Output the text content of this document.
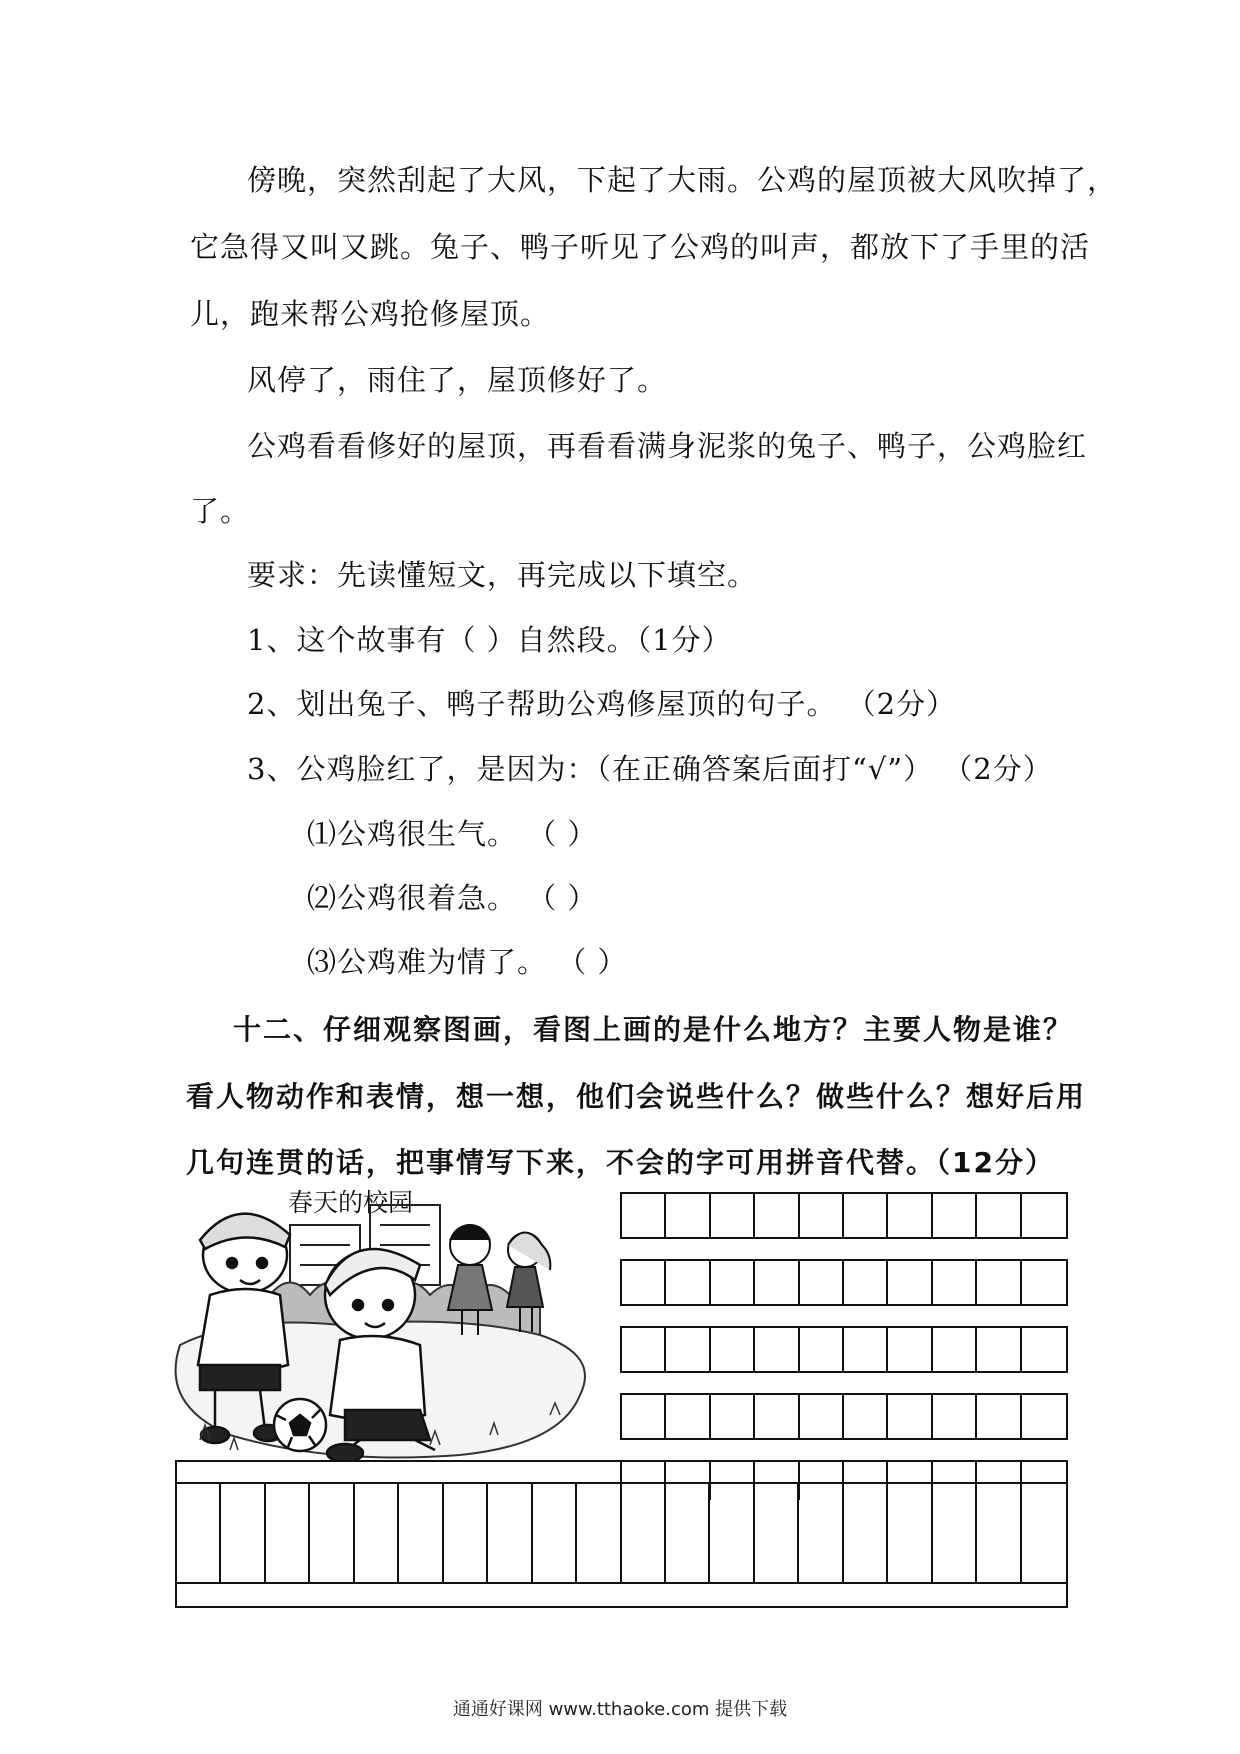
傍晚，突然刮起了大风，下起了大雨。公鸡的屋顶被大风吹掉了，
它急得又叫又跳。兔子、鸭子听见了公鸡的叫声，都放下了手里的活
儿，跑来帮公鸡抢修屋顶。
风停了，雨住了，屋顶修好了。
公鸡看看修好的屋顶，再看看满身泥浆的兔子、鸭子，公鸡脸红
了。
要求：先读懂短文，再完成以下填空。
1、这个故事有（ ）自然段。（1分）
2、划出兔子、鸭子帮助公鸡修屋顶的句子。 （2分）
3、公鸡脸红了，是因为：（在正确答案后面打“√”） （2分）
⑴公鸡很生气。 （ ）
⑵公鸡很着急。 （ ）
⑶公鸡难为情了。 （ ）
十二、仔细观察图画，看图上画的是什么地方？主要人物是谁？
看人物动作和表情，想一想，他们会说些什么？做些什么？想好后用
几句连贯的话，把事情写下来，不会的字可用拼音代替。（12分）
春天的校园
通通好课网 www.tthaoke.com 提供下载
